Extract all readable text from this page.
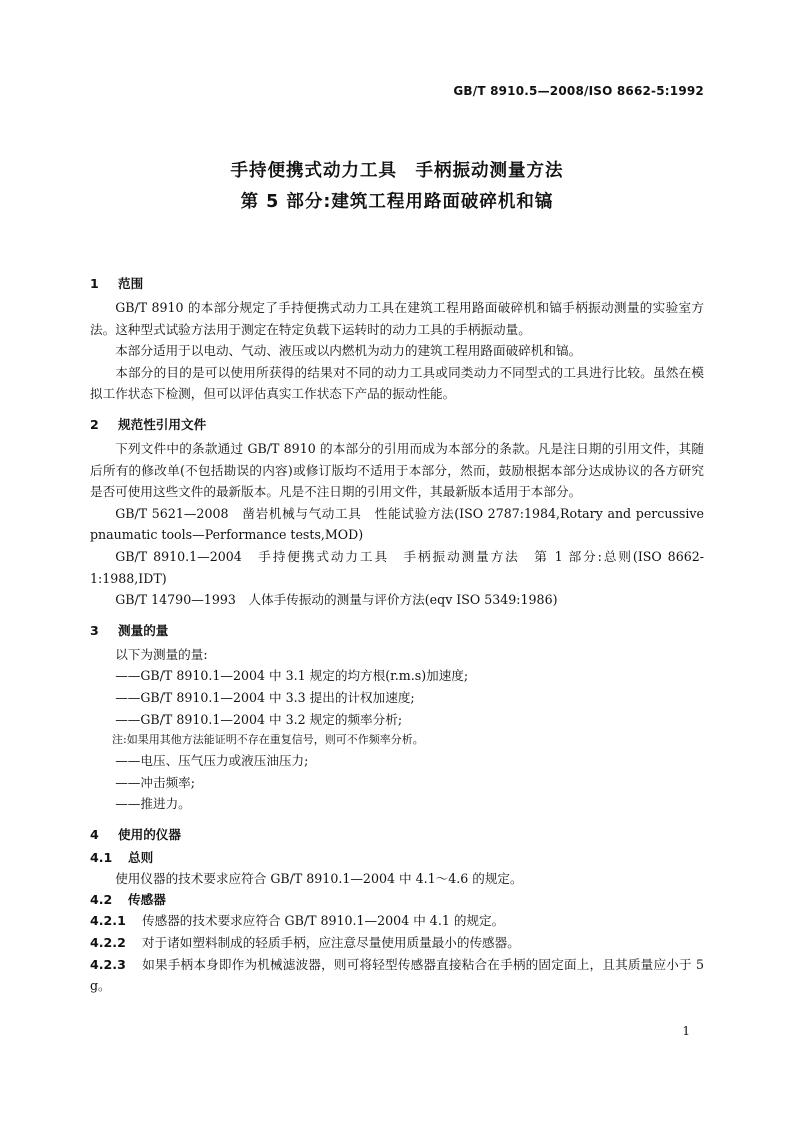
GB/T 8910.5—2008/ISO 8662-5:1992
手持便携式动力工具　手柄振动测量方法
第 5 部分:建筑工程用路面破碎机和镐
1 范围

GB/T 8910 的本部分规定了手持便携式动力工具在建筑工程用路面破碎机和镐手柄振动测量的实验室方法。这种型式试验方法用于测定在特定负载下运转时的动力工具的手柄振动量。

本部分适用于以电动、气动、液压或以内燃机为动力的建筑工程用路面破碎机和镐。

本部分的目的是可以使用所获得的结果对不同的动力工具或同类动力不同型式的工具进行比较。虽然在模拟工作状态下检测，但可以评估真实工作状态下产品的振动性能。

2 规范性引用文件

下列文件中的条款通过 GB/T 8910 的本部分的引用而成为本部分的条款。凡是注日期的引用文件，其随后所有的修改单(不包括勘误的内容)或修订版均不适用于本部分，然而，鼓励根据本部分达成协议的各方研究是否可使用这些文件的最新版本。凡是不注日期的引用文件，其最新版本适用于本部分。

GB/T 5621—2008　凿岩机械与气动工具　性能试验方法(ISO 2787:1984,Rotary and percussive pnaumatic tools—Performance tests,MOD)

GB/T 8910.1—2004　手持便携式动力工具　手柄振动测量方法　第 1 部分:总则(ISO 8662-1:1988,IDT)

GB/T 14790—1993　人体手传振动的测量与评价方法(eqv ISO 5349:1986)

3 测量的量

以下为测量的量:

——GB/T 8910.1—2004 中 3.1 规定的均方根(r.m.s)加速度;

——GB/T 8910.1—2004 中 3.3 提出的计权加速度;

——GB/T 8910.1—2004 中 3.2 规定的频率分析;

注:如果用其他方法能证明不存在重复信号，则可不作频率分析。

——电压、压气压力或液压油压力;

——冲击频率;

——推进力。

4 使用的仪器
4.1 总则

使用仪器的技术要求应符合 GB/T 8910.1—2004 中 4.1～4.6 的规定。

4.2 传感器

4.2.1 传感器的技术要求应符合 GB/T 8910.1—2004 中 4.1 的规定。

4.2.2 对于诸如塑料制成的轻质手柄，应注意尽量使用质量最小的传感器。

4.2.3 如果手柄本身即作为机械滤波器，则可将轻型传感器直接粘合在手柄的固定面上，且其质量应小于 5 g。

1
